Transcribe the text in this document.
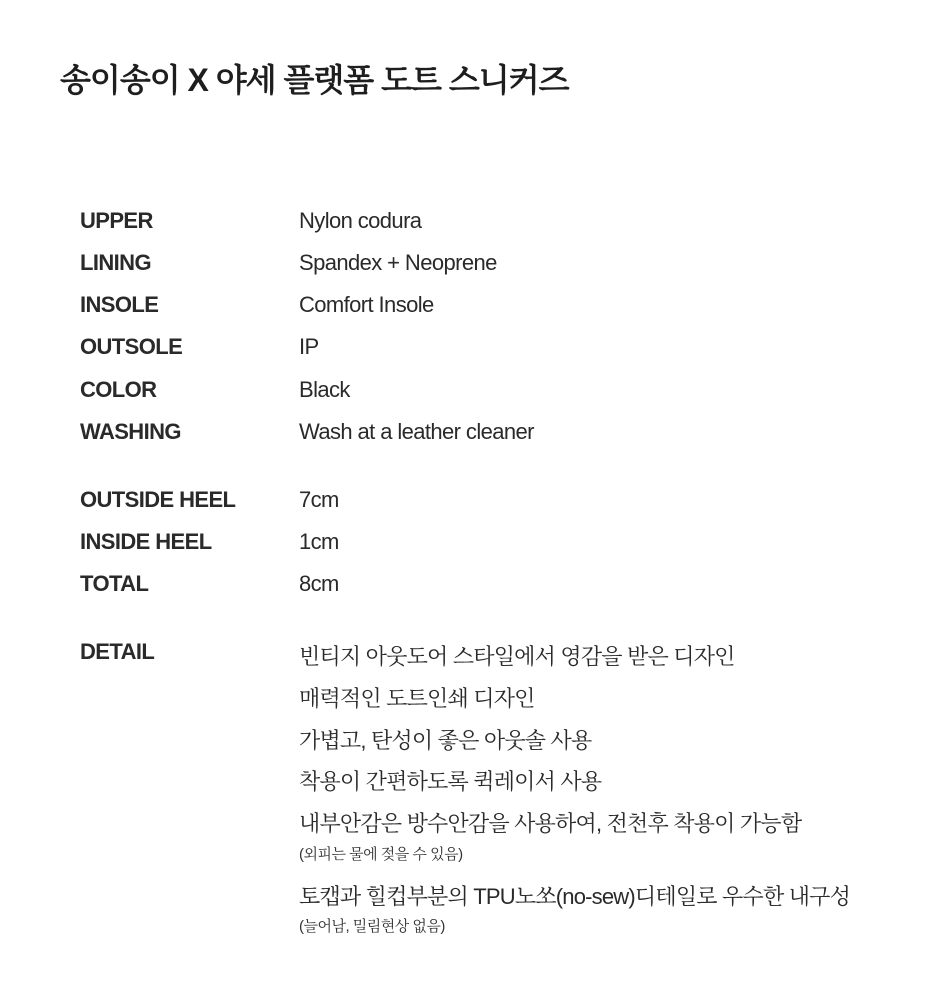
송이송이 X 야세 플랫폼 도트 스니커즈
UPPER	Nylon codura
LINING	Spandex + Neoprene
INSOLE	Comfort Insole
OUTSOLE	IP
COLOR	Black
WASHING	Wash at a leather cleaner
OUTSIDE HEEL	7cm
INSIDE HEEL	1cm
TOTAL	8cm
DETAIL	빈티지 아웃도어 스타일에서 영감을 받은 디자인
매력적인 도트인쇄 디자인
가볍고, 탄성이 좋은 아웃솔 사용
착용이 간편하도록 퀵레이서 사용
내부안감은 방수안감을 사용하여, 전천후 착용이 가능함
(외피는 물에 젖을 수 있음)
토캡과 힐컵부분의 TPU노쏘(no-sew)디테일로 우수한 내구성
(늘어남, 밀림현상 없음)
